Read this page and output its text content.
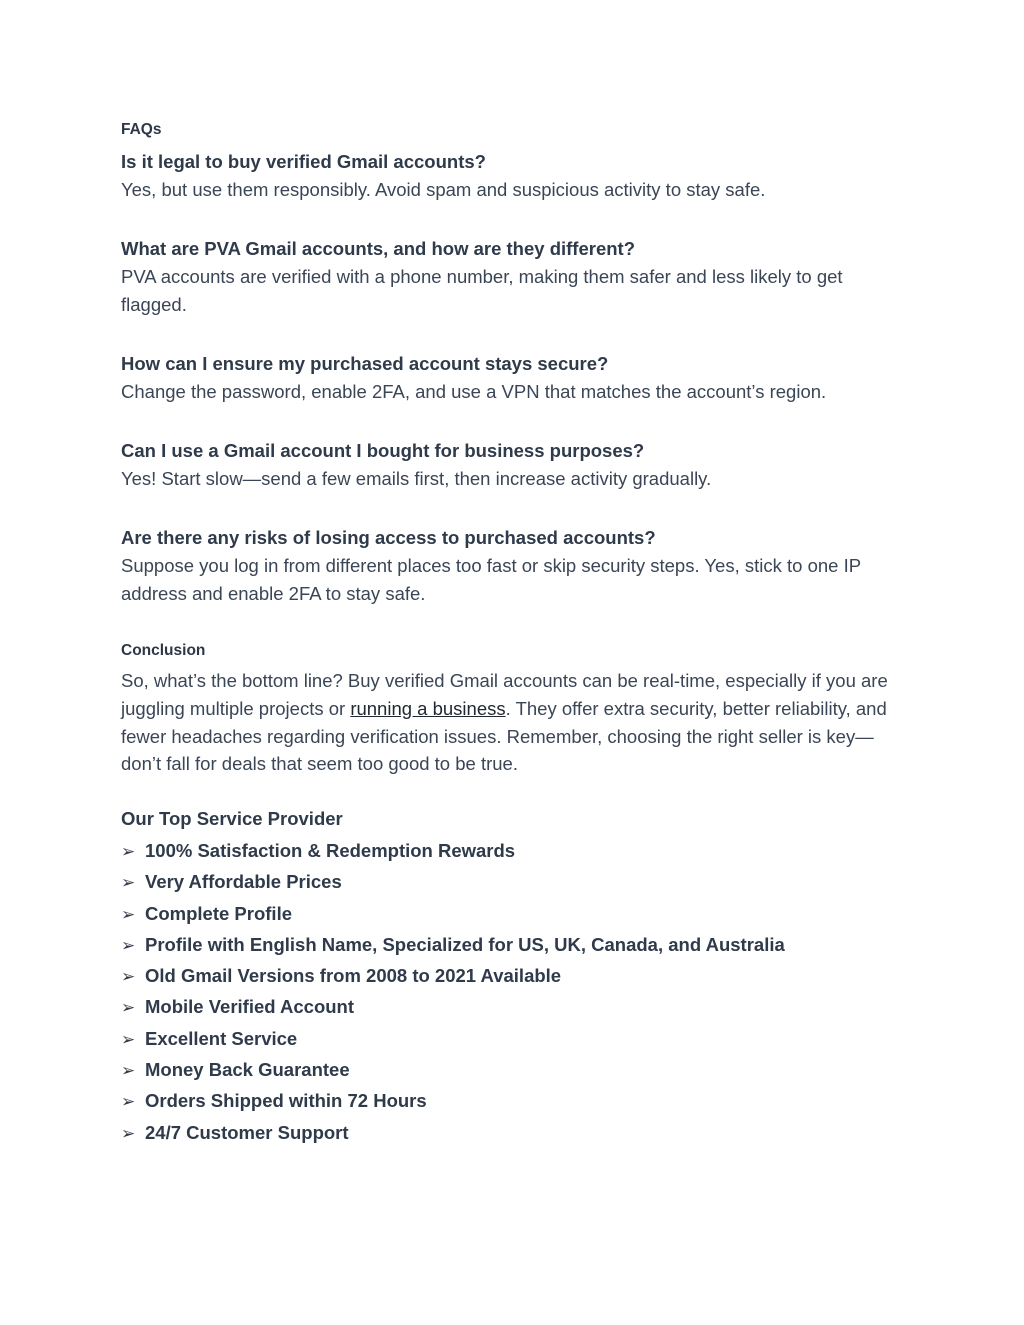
FAQs
Is it legal to buy verified Gmail accounts?
Yes, but use them responsibly. Avoid spam and suspicious activity to stay safe.
What are PVA Gmail accounts, and how are they different?
PVA accounts are verified with a phone number, making them safer and less likely to get flagged.
How can I ensure my purchased account stays secure?
Change the password, enable 2FA, and use a VPN that matches the account’s region.
Can I use a Gmail account I bought for business purposes?
Yes! Start slow—send a few emails first, then increase activity gradually.
Are there any risks of losing access to purchased accounts?
Suppose you log in from different places too fast or skip security steps. Yes, stick to one IP address and enable 2FA to stay safe.
Conclusion
So, what’s the bottom line? Buy verified Gmail accounts can be real-time, especially if you are juggling multiple projects or running a business. They offer extra security, better reliability, and fewer headaches regarding verification issues. Remember, choosing the right seller is key—don’t fall for deals that seem too good to be true.
Our Top Service Provider
➢ 100% Satisfaction & Redemption Rewards
➢ Very Affordable Prices
➢ Complete Profile
➢ Profile with English Name, Specialized for US, UK, Canada, and Australia
➢ Old Gmail Versions from 2008 to 2021 Available
➢ Mobile Verified Account
➢ Excellent Service
➢ Money Back Guarantee
➢ Orders Shipped within 72 Hours
➢ 24/7 Customer Support
